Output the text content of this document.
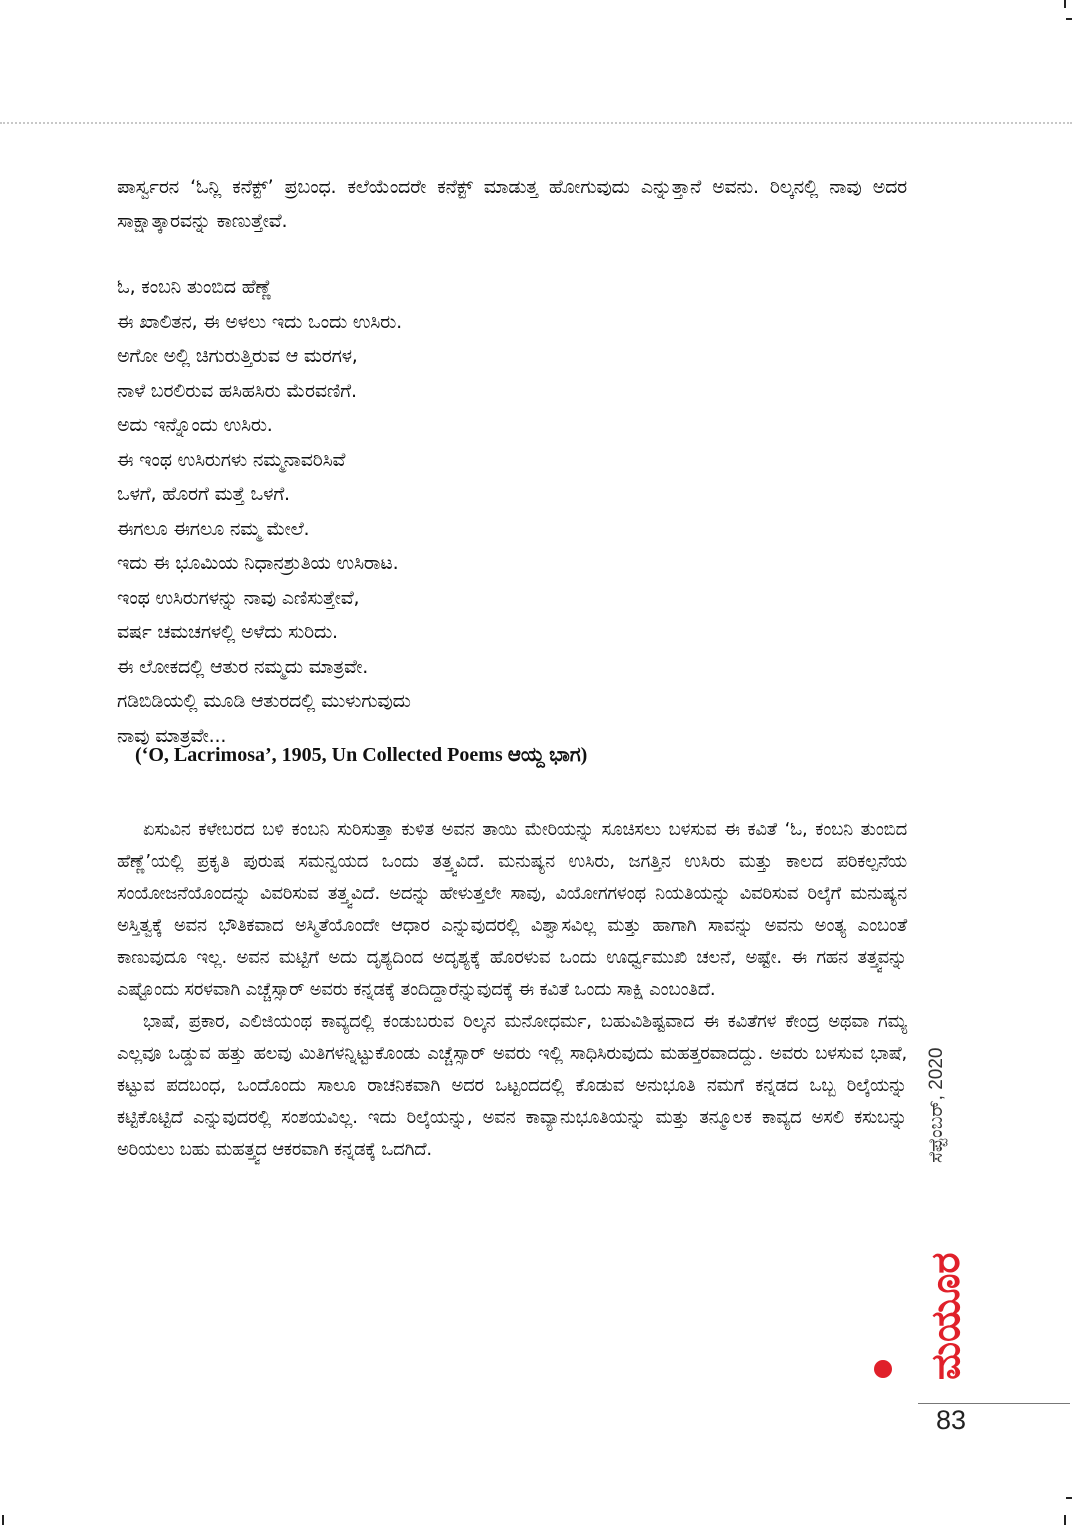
ಪಾರ್ಸ್ವರನ ‘ಓನ್ಲಿ ಕನೆಕ್ಟ್’ ಪ್ರಬಂಧ. ಕಲೆಯೆಂದರೇ ಕನೆಕ್ಟ್ ಮಾಡುತ್ತ ಹೋಗುವುದು ಎನ್ನುತ್ತಾನೆ ಅವನು. ರಿಲ್ಕನಲ್ಲಿ ನಾವು ಅದರ ಸಾಕ್ಷಾತ್ಕಾರವನ್ನು ಕಾಣುತ್ತೇವೆ.

ಓ, ಕಂಬನಿ ತುಂಬಿದ ಹೆಣ್ಣೆ
ಈ ಖಾಲಿತನ, ಈ ಅಳಲು ಇದು ಒಂದು ಉಸಿರು.
ಅಗೋ ಅಲ್ಲಿ ಚಿಗುರುತ್ತಿರುವ ಆ ಮರಗಳ,
ನಾಳೆ ಬರಲಿರುವ ಹಸಿಹಸಿರು ಮೆರವಣಿಗೆ.
ಅದು ಇನ್ನೊಂದು ಉಸಿರು.
ಈ ಇಂಥ ಉಸಿರುಗಳು ನಮ್ಮನಾವರಿಸಿವೆ
ಒಳಗೆ, ಹೊರಗೆ ಮತ್ತೆ ಒಳಗೆ.
ಈಗಲೂ ಈಗಲೂ ನಮ್ಮ ಮೇಲೆ.
ಇದು ಈ ಭೂಮಿಯ ನಿಧಾನಶ್ರುತಿಯ ಉಸಿರಾಟ.
ಇಂಥ ಉಸಿರುಗಳನ್ನು ನಾವು ಎಣಿಸುತ್ತೇವೆ,
ವರ್ಷ ಚಮಚಗಳಲ್ಲಿ ಅಳೆದು ಸುರಿದು.
ಈ ಲೋಕದಲ್ಲಿ ಆತುರ ನಮ್ಮದು ಮಾತ್ರವೇ.
ಗಡಿಬಿಡಿಯಲ್ಲಿ ಮೂಡಿ ಆತುರದಲ್ಲಿ ಮುಳುಗುವುದು
ನಾವು ಮಾತ್ರವೇ...
(‘O, Lacrimosa’, 1905, Un Collected Poems ಆಯ್ದ ಭಾಗ)

ಏಸುವಿನ ಕಳೇಬರದ ಬಳಿ ಕಂಬನಿ ಸುರಿಸುತ್ತಾ ಕುಳಿತ ಅವನ ತಾಯಿ ಮೇರಿಯನ್ನು ಸೂಚಿಸಲು ಬಳಸುವ ಈ ಕವಿತೆ ‘ಓ, ಕಂಬನಿ ತುಂಬಿದ ಹೆಣ್ಣೆ’ಯಲ್ಲಿ ಪ್ರಕೃತಿ ಪುರುಷ ಸಮನ್ವಯದ ಒಂದು ತತ್ತ್ವವಿದೆ. ಮನುಷ್ಯನ ಉಸಿರು, ಜಗತ್ತಿನ ಉಸಿರು ಮತ್ತು ಕಾಲದ ಪರಿಕಲ್ಪನೆಯ ಸಂಯೋಜನೆಯೊಂದನ್ನು ವಿವರಿಸುವ ತತ್ತ್ವವಿದೆ. ಅದನ್ನು ಹೇಳುತ್ತಲೇ ಸಾವು, ವಿಯೋಗಗಳಂಥ ನಿಯತಿಯನ್ನು ವಿವರಿಸುವ ರಿಲ್ಕೆಗೆ ಮನುಷ್ಯನ ಅಸ್ತಿತ್ವಕ್ಕೆ ಅವನ ಭೌತಿಕವಾದ ಅಸ್ಮಿತೆಯೊಂದೇ ಆಧಾರ ಎನ್ನುವುದರಲ್ಲಿ ವಿಶ್ವಾಸವಿಲ್ಲ ಮತ್ತು ಹಾಗಾಗಿ ಸಾವನ್ನು ಅವನು ಅಂತ್ಯ ಎಂಬಂತೆ ಕಾಣುವುದೂ ಇಲ್ಲ. ಅವನ ಮಟ್ಟಿಗೆ ಅದು ದೃಶ್ಯದಿಂದ ಅದೃಶ್ಯಕ್ಕೆ ಹೊರಳುವ ಒಂದು ಊರ್ಧ್ವಮುಖಿ ಚಲನೆ, ಅಷ್ಟೇ. ಈ ಗಹನ ತತ್ತ್ವವನ್ನು ಎಷ್ಟೊಂದು ಸರಳವಾಗಿ ಎಚ್ಚೆಸ್ಸಾರ್ ಅವರು ಕನ್ನಡಕ್ಕೆ ತಂದಿದ್ದಾರೆನ್ನುವುದಕ್ಕೆ ಈ ಕವಿತೆ ಒಂದು ಸಾಕ್ಷಿ ಎಂಬಂತಿದೆ.

ಭಾಷೆ, ಪ್ರಕಾರ, ಎಲಿಜಿಯಂಥ ಕಾವ್ಯದಲ್ಲಿ ಕಂಡುಬರುವ ರಿಲ್ಕನ ಮನೋಧರ್ಮ, ಬಹುವಿಶಿಷ್ಟವಾದ ಈ ಕವಿತೆಗಳ ಕೇಂದ್ರ ಅಥವಾ ಗಮ್ಯ ಎಲ್ಲವೂ ಒಡ್ಡುವ ಹತ್ತು ಹಲವು ಮಿತಿಗಳನ್ನಿಟ್ಟುಕೊಂಡು ಎಚ್ಚೆಸ್ಸಾರ್ ಅವರು ಇಲ್ಲಿ ಸಾಧಿಸಿರುವುದು ಮಹತ್ತರವಾದದ್ದು. ಅವರು ಬಳಸುವ ಭಾಷೆ, ಕಟ್ಟುವ ಪದಬಂಧ, ಒಂದೊಂದು ಸಾಲೂ ರಾಚನಿಕವಾಗಿ ಅದರ ಒಟ್ಟಂದದಲ್ಲಿ ಕೊಡುವ ಅನುಭೂತಿ ನಮಗೆ ಕನ್ನಡದ ಒಬ್ಬ ರಿಲ್ಕೆಯನ್ನು ಕಟ್ಟಿಕೊಟ್ಟಿದೆ ಎನ್ನುವುದರಲ್ಲಿ ಸಂಶಯವಿಲ್ಲ. ಇದು ರಿಲ್ಕೆಯನ್ನು, ಅವನ ಕಾವ್ಯಾನುಭೂತಿಯನ್ನು ಮತ್ತು ತನ್ಮೂಲಕ ಕಾವ್ಯದ ಅಸಲಿ ಕಸುಬನ್ನು ಅರಿಯಲು ಬಹು ಮಹತ್ತ್ವದ ಆಕರವಾಗಿ ಕನ್ನಡಕ್ಕೆ ಒದಗಿದೆ.	ಸೆಪ್ಟೆಂಬರ್, 2020
ಮಯೂರ
83
